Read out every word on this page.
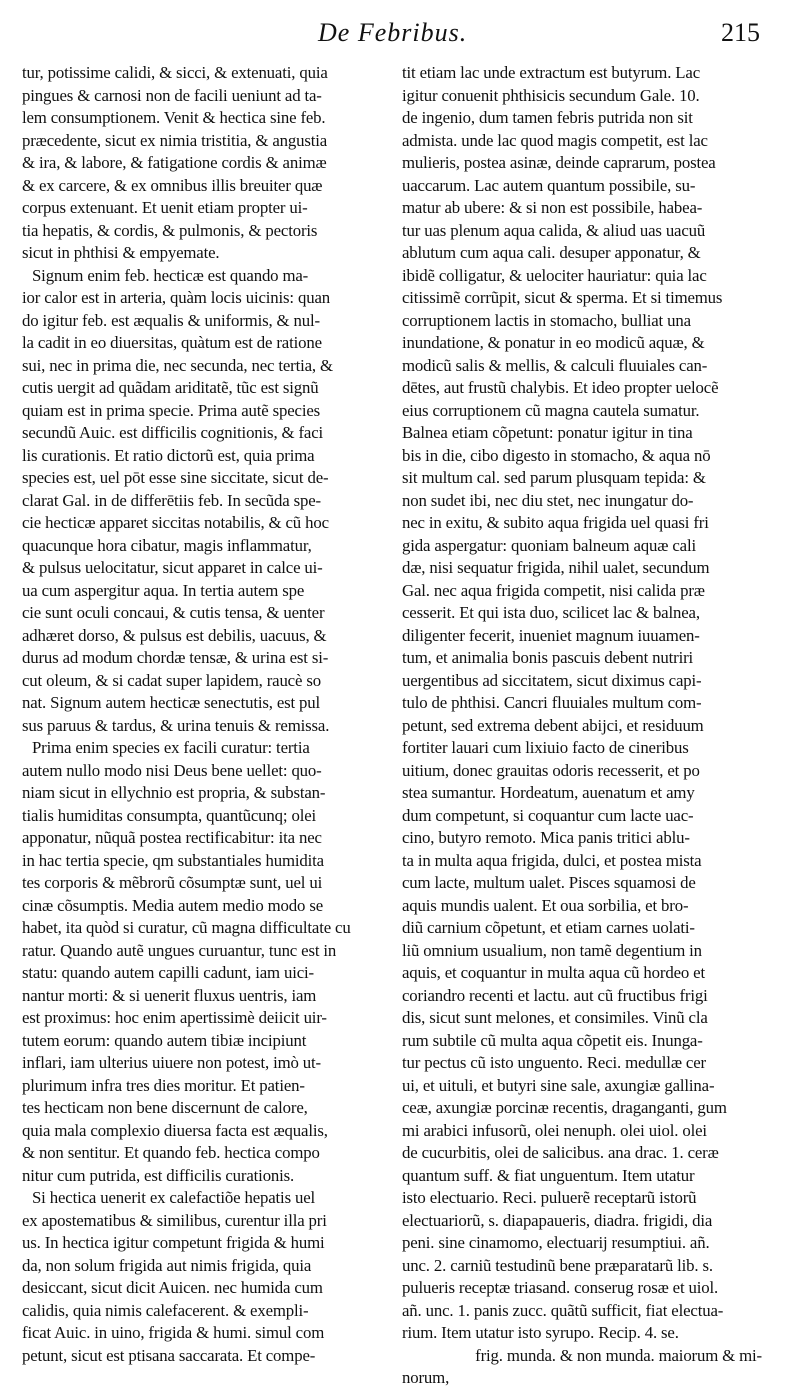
De Febribus.	215
tur, potissime calidi, & sicci, & extenuati, quia
pingues & carnosi non de facili ueniunt ad ta-
lem consumptionem. Venit & hectica sine feb.
præcedente, sicut ex nimia tristitia, & angustia
& ira, & labore, & fatigatione cordis & animæ
& ex carcere, & ex omnibus illis breuiter quæ
corpus extenuant. Et uenit etiam propter ui-
tia hepatis, & cordis, & pulmonis, & pectoris
sicut in phthisi & empyemate.
Signum enim feb. hecticæ est quando ma-
ior calor est in arteria, quàm locis uicinis: quan
do igitur feb. est æqualis & uniformis, & nul-
la cadit in eo diuersitas, quàtum est de ratione
sui, nec in prima die, nec secunda, nec tertia, &
cutis uergit ad quãdam ariditatẽ, tũc est signũ
quiam est in prima specie. Prima autẽ species
secundũ Auic. est difficilis cognitionis, & faci
lis curationis. Et ratio dictorũ est, quia prima
species est, uel pōt esse sine siccitate, sicut de-
clarat Gal. in de differētiis feb. In secũda spe-
cie hecticæ apparet siccitas notabilis, & cũ hoc
quacunque hora cibatur, magis inflammatur,
& pulsus uelocitatur, sicut apparet in calce ui-
ua cum aspergitur aqua. In tertia autem spe
cie sunt oculi concaui, & cutis tensa, & uenter
adhæret dorso, & pulsus est debilis, uacuus, &
durus ad modum chordæ tensæ, & urina est si-
cut oleum, & si cadat super lapidem, raucè so
nat. Signum autem hecticæ senectutis, est pul
sus paruus & tardus, & urina tenuis & remissa.
Prima enim species ex facili curatur: tertia
autem nullo modo nisi Deus bene uellet: quo-
niam sicut in ellychnio est propria, & substan-
tialis humiditas consumpta, quantũcunq; olei
apponatur, nũquã postea rectificabitur: ita nec
in hac tertia specie, qm substantiales humidita
tes corporis & mẽbrorũ cõsumptæ sunt, uel ui
cinæ cõsumptis. Media autem medio modo se
habet, ita quòd si curatur, cũ magna difficultate cu
ratur. Quando autẽ ungues curuantur, tunc est in
statu: quando autem capilli cadunt, iam uici-
nantur morti: & si uenerit fluxus uentris, iam
est proximus: hoc enim apertissimè deiicit uir-
tutem eorum: quando autem tibiæ incipiunt
inflari, iam ulterius uiuere non potest, imò ut-
plurimum infra tres dies moritur. Et patien-
tes hecticam non bene discernunt de calore,
quia mala complexio diuersa facta est æqualis,
& non sentitur. Et quando feb. hectica compo
nitur cum putrida, est difficilis curationis.
Si hectica uenerit ex calefactiõe hepatis uel
ex apostematibus & similibus, curentur illa pri
us. In hectica igitur competunt frigida & humi
da, non solum frigida aut nimis frigida, quia
desiccant, sicut dicit Auicen. nec humida cum
calidis, quia nimis calefacerent. & exempli-
ficat Auic. in uino, frigida & humi. simul com
petunt, sicut est ptisana saccarata. Et compe-
tit etiam lac unde extractum est butyrum. Lac
igitur conuenit phthisicis secundum Gale. 10.
de ingenio, dum tamen febris putrida non sit
admista. unde lac quod magis competit, est lac
mulieris, postea asinæ, deinde caprarum, postea
uaccarum. Lac autem quantum possibile, su-
matur ab ubere: & si non est possibile, habea-
tur uas plenum aqua calida, & aliud uas uacuũ
ablutum cum aqua cali. desuper apponatur, &
ibidẽ colligatur, & uelociter hauriatur: quia lac
citissimẽ corrũpit, sicut & sperma. Et si timemus
corruptionem lactis in stomacho, bulliat una
inundatione, & ponatur in eo modicũ aquæ, &
modicũ salis & mellis, & calculi fluuiales can-
dētes, aut frustũ chalybis. Et ideo propter uelocẽ
eius corruptionem cũ magna cautela sumatur.
Balnea etiam cõpetunt: ponatur igitur in tina
bis in die, cibo digesto in stomacho, & aqua nō
sit multum cal. sed parum plusquam tepida: &
non sudet ibi, nec diu stet, nec inungatur do-
nec in exitu, & subito aqua frigida uel quasi fri
gida aspergatur: quoniam balneum aquæ cali
dæ, nisi sequatur frigida, nihil ualet, secundum
Gal. nec aqua frigida competit, nisi calida præ
cesserit. Et qui ista duo, scilicet lac & balnea,
diligenter fecerit, inueniet magnum iuuamen-
tum, et animalia bonis pascuis debent nutriri
uergentibus ad siccitatem, sicut diximus capi-
tulo de phthisi. Cancri fluuiales multum com-
petunt, sed extrema debent abijci, et residuum
fortiter lauari cum lixiuio facto de cineribus
uitium, donec grauitas odoris recesserit, et po
stea sumantur. Hordeatum, auenatum et amy
dum competunt, si coquantur cum lacte uac-
cino, butyro remoto. Mica panis tritici ablu-
ta in multa aqua frigida, dulci, et postea mista
cum lacte, multum ualet. Pisces squamosi de
aquis mundis ualent. Et oua sorbilia, et bro-
diũ carnium cõpetunt, et etiam carnes uolati-
liũ omnium usualium, non tamẽ degentium in
aquis, et coquantur in multa aqua cũ hordeo et
coriandro recenti et lactu. aut cũ fructibus frigi
dis, sicut sunt melones, et consimiles. Vinũ cla
rum subtile cũ multa aqua cõpetit eis. Inunga-
tur pectus cũ isto unguento. Reci. medullæ cer
ui, et uituli, et butyri sine sale, axungiæ gallina-
ceæ, axungiæ porcinæ recentis, draganganti, gum
mi arabici infusorũ, olei nenuph. olei uiol. olei
de cucurbitis, olei de salicibus. ana drac. 1. ceræ
quantum suff. & fiat unguentum. Item utatur
isto electuario. Reci. puluerẽ receptarũ istorũ
electuariorũ, s. diapapaueris, diadra. frigidi, dia
peni. sine cinamomo, electuarij resumptiui. añ.
unc. 2. carniũ testudinũ bene præparatarũ lib. s.
pulueris receptæ triasand. conserug rosæ et uiol.
añ. unc. 1. panis zucc. quãtũ sufficit, fiat electua-
rium. Item utatur isto syrupo. Recip. 4. se.
frig. munda. & non munda. maiorum & mi-
norum,
